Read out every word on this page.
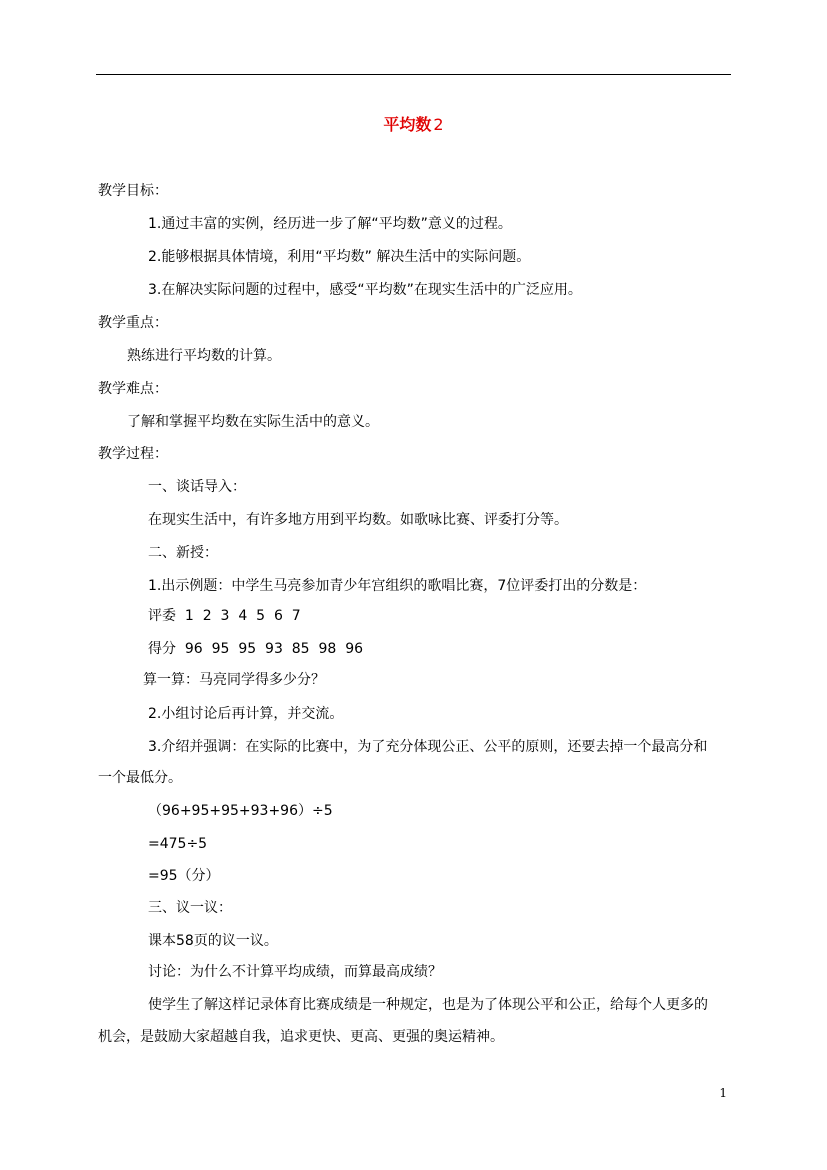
平均数 2
教学目标：
1.通过丰富的实例，经历进一步了解“平均数”意义的过程。
2.能够根据具体情境，利用“平均数” 解决生活中的实际问题。
3.在解决实际问题的过程中，感受“平均数”在现实生活中的广泛应用。
教学重点：
熟练进行平均数的计算。
教学难点：
了解和掌握平均数在实际生活中的意义。
教学过程：
一、谈话导入：
在现实生活中，有许多地方用到平均数。如歌咏比赛、评委打分等。
二、新授：
1.出示例题：中学生马亮参加青少年宫组织的歌唱比赛，7位评委打出的分数是：
评委  1  2  3  4  5  6  7
得分  96  95  95  93  85  98  96
算一算：马亮同学得多少分？
2.小组讨论后再计算，并交流。
3.介绍并强调：在实际的比赛中，为了充分体现公正、公平的原则，还要去掉一个最高分和
一个最低分。
（96+95+95+93+96）÷5
=475÷5
=95（分）
三、议一议：
课本58页的议一议。
讨论：为什么不计算平均成绩，而算最高成绩？
使学生了解这样记录体育比赛成绩是一种规定，也是为了体现公平和公正，给每个人更多的
机会，是鼓励大家超越自我，追求更快、更高、更强的奥运精神。
1
